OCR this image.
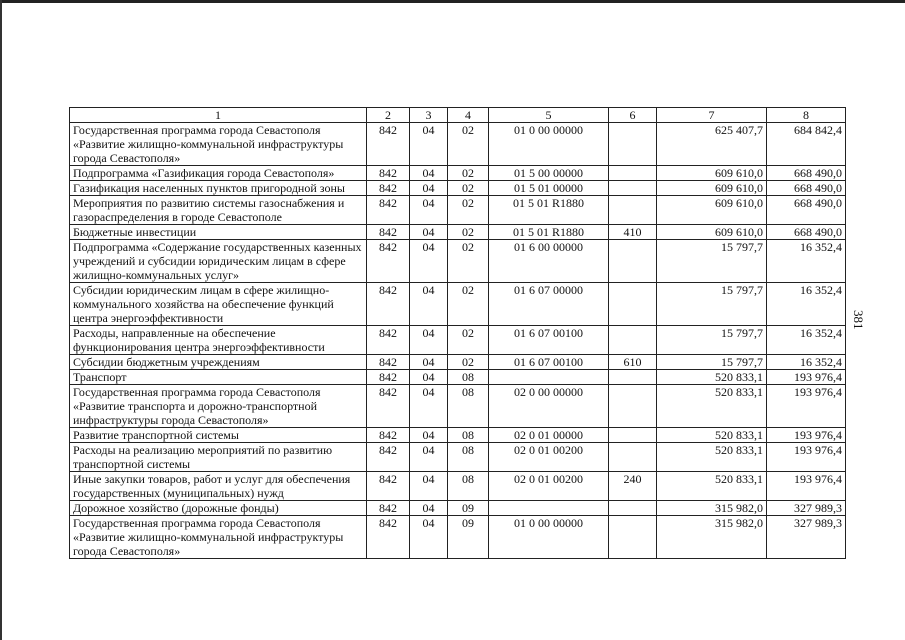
1	2	3	4	5	6	7	8
Государственная программа города Севастополя «Развитие жилищно-коммунальной инфраструктуры города Севастополя»	842	04	02	01 0 00 00000		625 407,7	684 842,4
Подпрограмма «Газификация города Севастополя»	842	04	02	01 5 00 00000		609 610,0	668 490,0
Газификация населенных пунктов пригородной зоны	842	04	02	01 5 01 00000		609 610,0	668 490,0
Мероприятия по развитию системы газоснабжения и газораспределения в городе Севастополе	842	04	02	01 5 01 R1880		609 610,0	668 490,0
Бюджетные инвестиции	842	04	02	01 5 01 R1880	410	609 610,0	668 490,0
Подпрограмма «Содержание государственных казенных учреждений и субсидии юридическим лицам в сфере жилищно-коммунальных услуг»	842	04	02	01 6 00 00000		15 797,7	16 352,4
Субсидии юридическим лицам в сфере жилищно-коммунального хозяйства на обеспечение функций центра энергоэффективности	842	04	02	01 6 07 00000		15 797,7	16 352,4
Расходы, направленные на обеспечение функционирования центра энергоэффективности	842	04	02	01 6 07 00100		15 797,7	16 352,4
Субсидии бюджетным учреждениям	842	04	02	01 6 07 00100	610	15 797,7	16 352,4
Транспорт	842	04	08			520 833,1	193 976,4
Государственная программа города Севастополя «Развитие транспорта и дорожно-транспортной инфраструктуры города Севастополя»	842	04	08	02 0 00 00000		520 833,1	193 976,4
Развитие транспортной системы	842	04	08	02 0 01 00000		520 833,1	193 976,4
Расходы на реализацию мероприятий по развитию транспортной системы	842	04	08	02 0 01 00200		520 833,1	193 976,4
Иные закупки товаров, работ и услуг для обеспечения государственных (муниципальных) нужд	842	04	08	02 0 01 00200	240	520 833,1	193 976,4
Дорожное хозяйство (дорожные фонды)	842	04	09			315 982,0	327 989,3
Государственная программа города Севастополя «Развитие жилищно-коммунальной инфраструктуры города Севастополя»	842	04	09	01 0 00 00000		315 982,0	327 989,3
381
